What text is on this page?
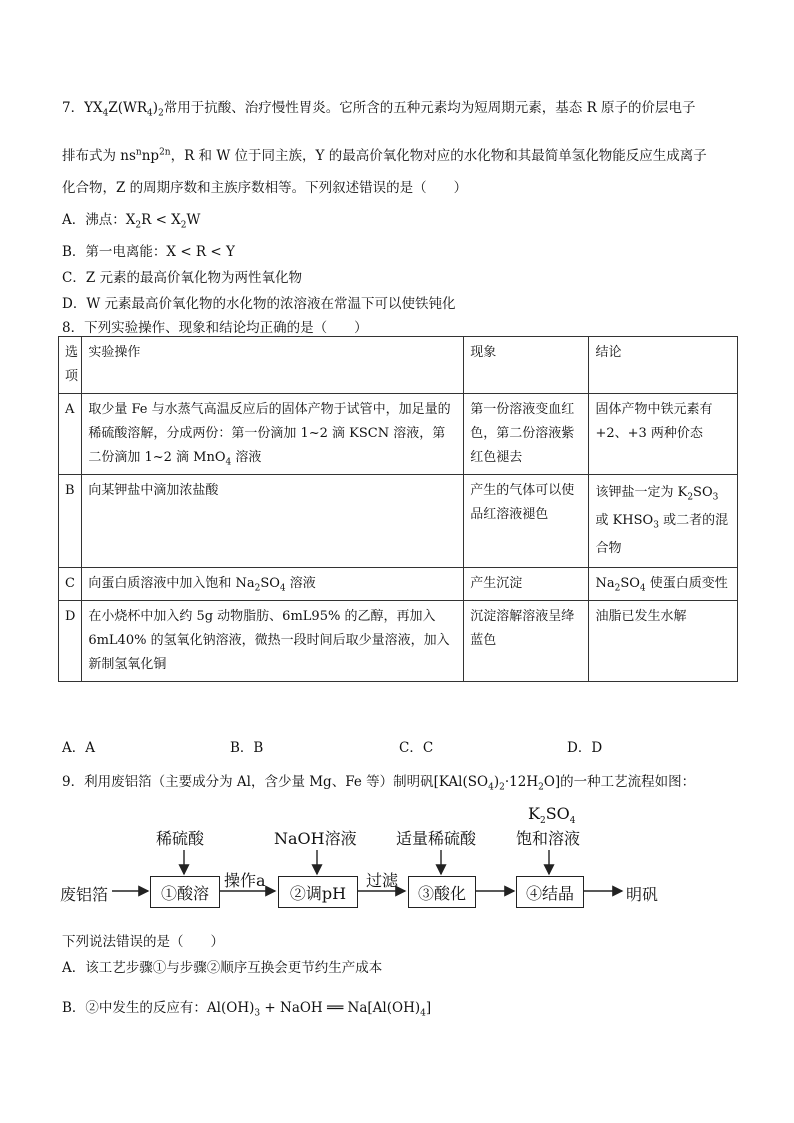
7．$YX_4Z(WR_4)_2$常用于抗酸、治疗慢性胃炎。它所含的五种元素均为短周期元素，基态 R 原子的价层电子
排布式为 $ns^nnp^{2n}$，R 和 W 位于同主族，Y 的最高价氧化物对应的水化物和其最简单氢化物能反应生成离子
化合物，Z 的周期序数和主族序数相等。下列叙述错误的是（　　）
A．沸点：$X_2R < X_2W$
B．第一电离能：X < R < Y
C．Z 元素的最高价氧化物为两性氧化物
D．W 元素最高价氧化物的水化物的浓溶液在常温下可以使铁钝化
8．下列实验操作、现象和结论均正确的是（　　）
选项	实验操作	现象	结论
A	取少量 Fe 与水蒸气高温反应后的固体产物于试管中，加足量的稀硫酸溶解，分成两份：第一份滴加 1~2 滴 KSCN 溶液，第二份滴加 1~2 滴 MnO$_4$ 溶液	第一份溶液变血红色，第二份溶液紫红色褪去	固体产物中铁元素有 +2、+3 两种价态
B	向某钾盐中滴加浓盐酸	产生的气体可以使品红溶液褪色	该钾盐一定为 $K_2SO_3$或 $KHSO_3$ 或二者的混合物
C	向蛋白质溶液中加入饱和 $Na_2SO_4$ 溶液	产生沉淀	$Na_2SO_4$ 使蛋白质变性
D	在小烧杯中加入约 5g 动物脂肪、6mL95% 的乙醇，再加入 6mL40% 的氢氧化钠溶液，微热一段时间后取少量溶液，加入新制氢氧化铜	沉淀溶解溶液呈绛蓝色	油脂已发生水解
A．A	B．B	C．C	D．D
9．利用废铝箔（主要成分为 Al，含少量 Mg、Fe 等）制明矾$[KAl(SO_4)_2\cdot 12H_2O]$的一种工艺流程如图：
废铝箔	①酸溶	②调pH	③酸化	④结晶	明矾
稀硫酸	NaOH溶液 适量稀硫酸
$K_2SO_4$
饱和溶液
操作a	过滤
下列说法错误的是（　　）
A．该工艺步骤①与步骤②顺序互换会更节约生产成本
B．②中发生的反应有：$Al(OH)_3$ + NaOH ══ $Na[Al(OH)_4]$
